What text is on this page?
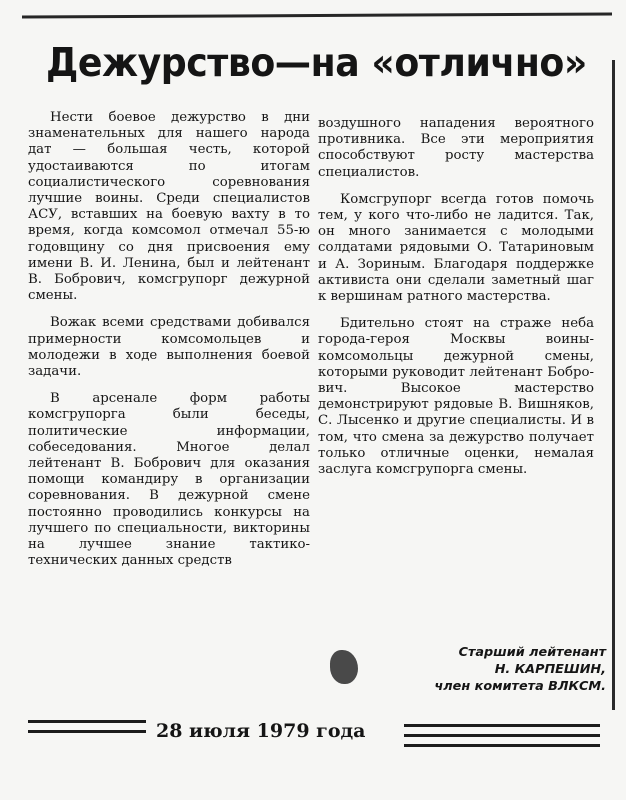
Дежурство—на «отлично»

Нести боевое дежурство в дни знаменательных для нашего народа дат — большая честь, которой удостаиваются по итогам социалистического соревнования лучшие воины. Среди специалистов АСУ, вставших на боевую вахту в то время, когда комсомол отмечал 55-ю годовщину со дня присвоения ему имени В. И. Ленина, был и лейтенант В. Бобрович, комсгрупорг дежурной смены.

Вожак всеми средствами добивался примерности комсомольцев и молодежи в ходе выполнения боевой задачи.

В арсенале форм работы комсгрупорга были беседы, политические информации, собеседования. Многое делал лейтенант В. Бобрович для оказания помощи командиру в организации соревнования. В дежурной смене постоянно проводились конкурсы на лучшего по специальности, викторины на лучшее знание тактико-технических данных средств

воздушного нападения вероятного противника. Все эти мероприятия способствуют росту мастерства специалистов.

Комсгрупорг всегда готов помочь тем, у кого что-либо не ладится. Так, он много занимается с молодыми солдатами рядовыми О. Татариновым и А. Зориным. Благодаря поддержке активиста они сделали заметный шаг к вершинам ратного мастерства.

Бдительно стоят на страже неба города-героя Москвы воины-комсомольцы дежурной смены, которыми руководит лейтенант Бобрович. Высокое мастерство демонстрируют рядовые В. Вишняков, С. Лысенко и другие специалисты. И в том, что смена за дежурство получает только отличные оценки, немалая заслуга комсгрупорга смены.

Старший лейтенант
Н. КАРПЕШИН,
член комитета ВЛКСМ.
28 июля 1979 года
